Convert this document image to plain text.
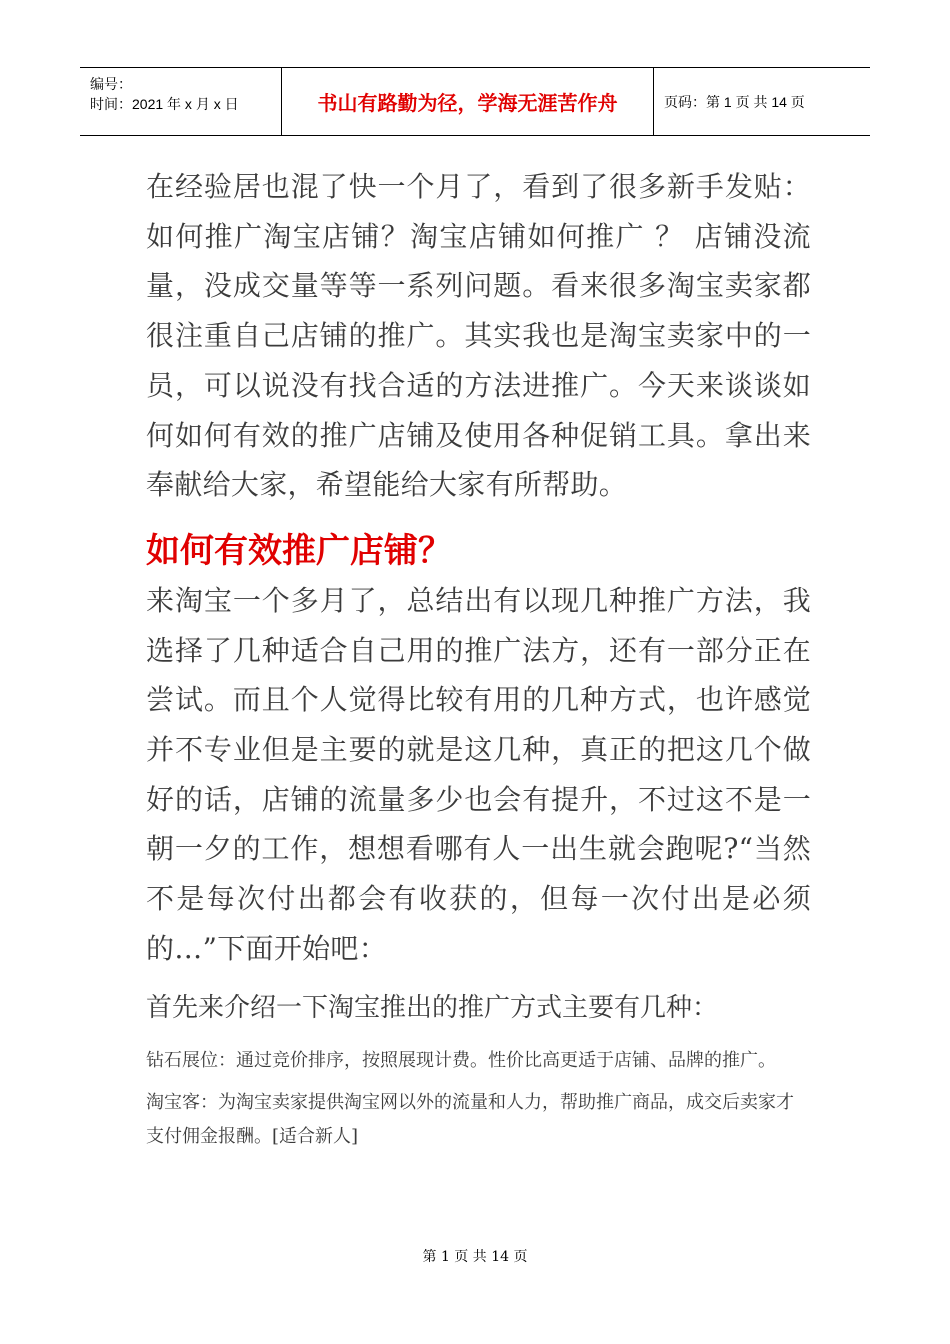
编号：
时间：2021 年 x 月 x 日	书山有路勤为径，学海无涯苦作舟	页码：第 1 页 共 14 页

在经验居也混了快一个月了，看到了很多新手发贴：如何推广淘宝店铺？淘宝店铺如何推广 ？ 店铺没流量，没成交量等等一系列问题。看来很多淘宝卖家都很注重自己店铺的推广。其实我也是淘宝卖家中的一员，可以说没有找合适的方法进推广。今天来谈谈如何如何有效的推广店铺及使用各种促销工具。拿出来奉献给大家，希望能给大家有所帮助。

如何有效推广店铺？

来淘宝一个多月了，总结出有以现几种推广方法，我选择了几种适合自己用的推广法方，还有一部分正在尝试。而且个人觉得比较有用的几种方式，也许感觉并不专业但是主要的就是这几种，真正的把这几个做好的话，店铺的流量多少也会有提升，不过这不是一朝一夕的工作，想想看哪有人一出生就会跑呢?“当然不是每次付出都会有收获的，但每一次付出是必须的…”下面开始吧：

首先来介绍一下淘宝推出的推广方式主要有几种：

钻石展位：通过竞价排序，按照展现计费。性价比高更适于店铺、品牌的推广。

淘宝客：为淘宝卖家提供淘宝网以外的流量和人力，帮助推广商品，成交后卖家才支付佣金报酬。[适合新人]

第 1 页 共 14 页
